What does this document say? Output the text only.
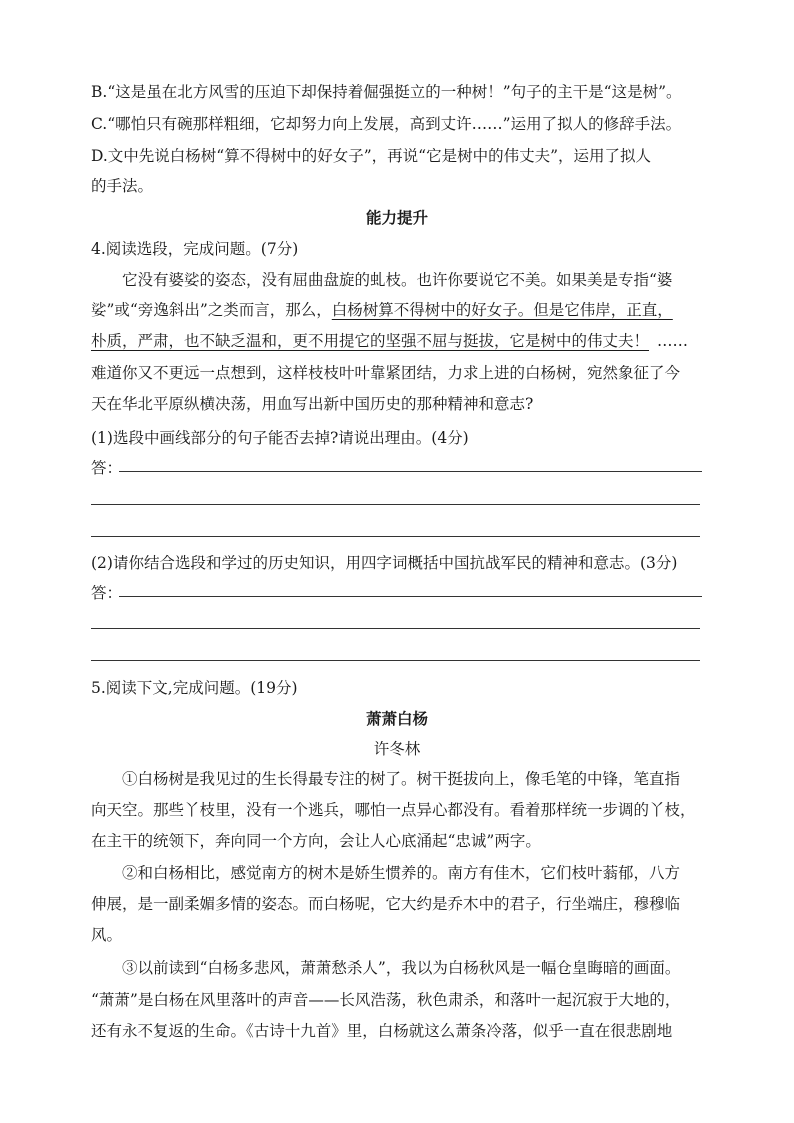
B.“这是虽在北方风雪的压迫下却保持着倔强挺立的一种树！”句子的主干是“这是树”。
C.“哪怕只有碗那样粗细，它却努力向上发展，高到丈许……”运用了拟人的修辞手法。
D.文中先说白杨树“算不得树中的好女子”，再说“它是树中的伟丈夫”，运用了拟人
的手法。
能力提升
4.阅读选段，完成问题。(7分)
它没有婆娑的姿态，没有屈曲盘旋的虬枝。也许你要说它不美。如果美是专指“婆
娑”或“旁逸斜出”之类而言，那么，白杨树算不得树中的好女子。但是它伟岸，正直，
朴质，严肃，也不缺乏温和，更不用提它的坚强不屈与挺拔，它是树中的伟丈夫！ ……
难道你又不更远一点想到，这样枝枝叶叶靠紧团结，力求上进的白杨树，宛然象征了今
天在华北平原纵横决荡，用血写出新中国历史的那种精神和意志?
(1)选段中画线部分的句子能否去掉?请说出理由。(4分)
答：
(2)请你结合选段和学过的历史知识，用四字词概括中国抗战军民的精神和意志。(3分)
答：
5.阅读下文,完成问题。(19分)
萧萧白杨
许冬林
①白杨树是我见过的生长得最专注的树了。树干挺拔向上，像毛笔的中锋，笔直指
向天空。那些丫枝里，没有一个逃兵，哪怕一点异心都没有。看着那样统一步调的丫枝，
在主干的统领下，奔向同一个方向，会让人心底涌起“忠诚”两字。
②和白杨相比，感觉南方的树木是娇生惯养的。南方有佳木，它们枝叶蓊郁，八方
伸展，是一副柔媚多情的姿态。而白杨呢，它大约是乔木中的君子，行坐端庄，穆穆临
风。
③以前读到“白杨多悲风，萧萧愁杀人”，我以为白杨秋风是一幅仓皇晦暗的画面。
“萧萧”是白杨在风里落叶的声音——长风浩荡，秋色肃杀，和落叶一起沉寂于大地的，
还有永不复返的生命。《古诗十九首》里，白杨就这么萧条冷落，似乎一直在很悲剧地
